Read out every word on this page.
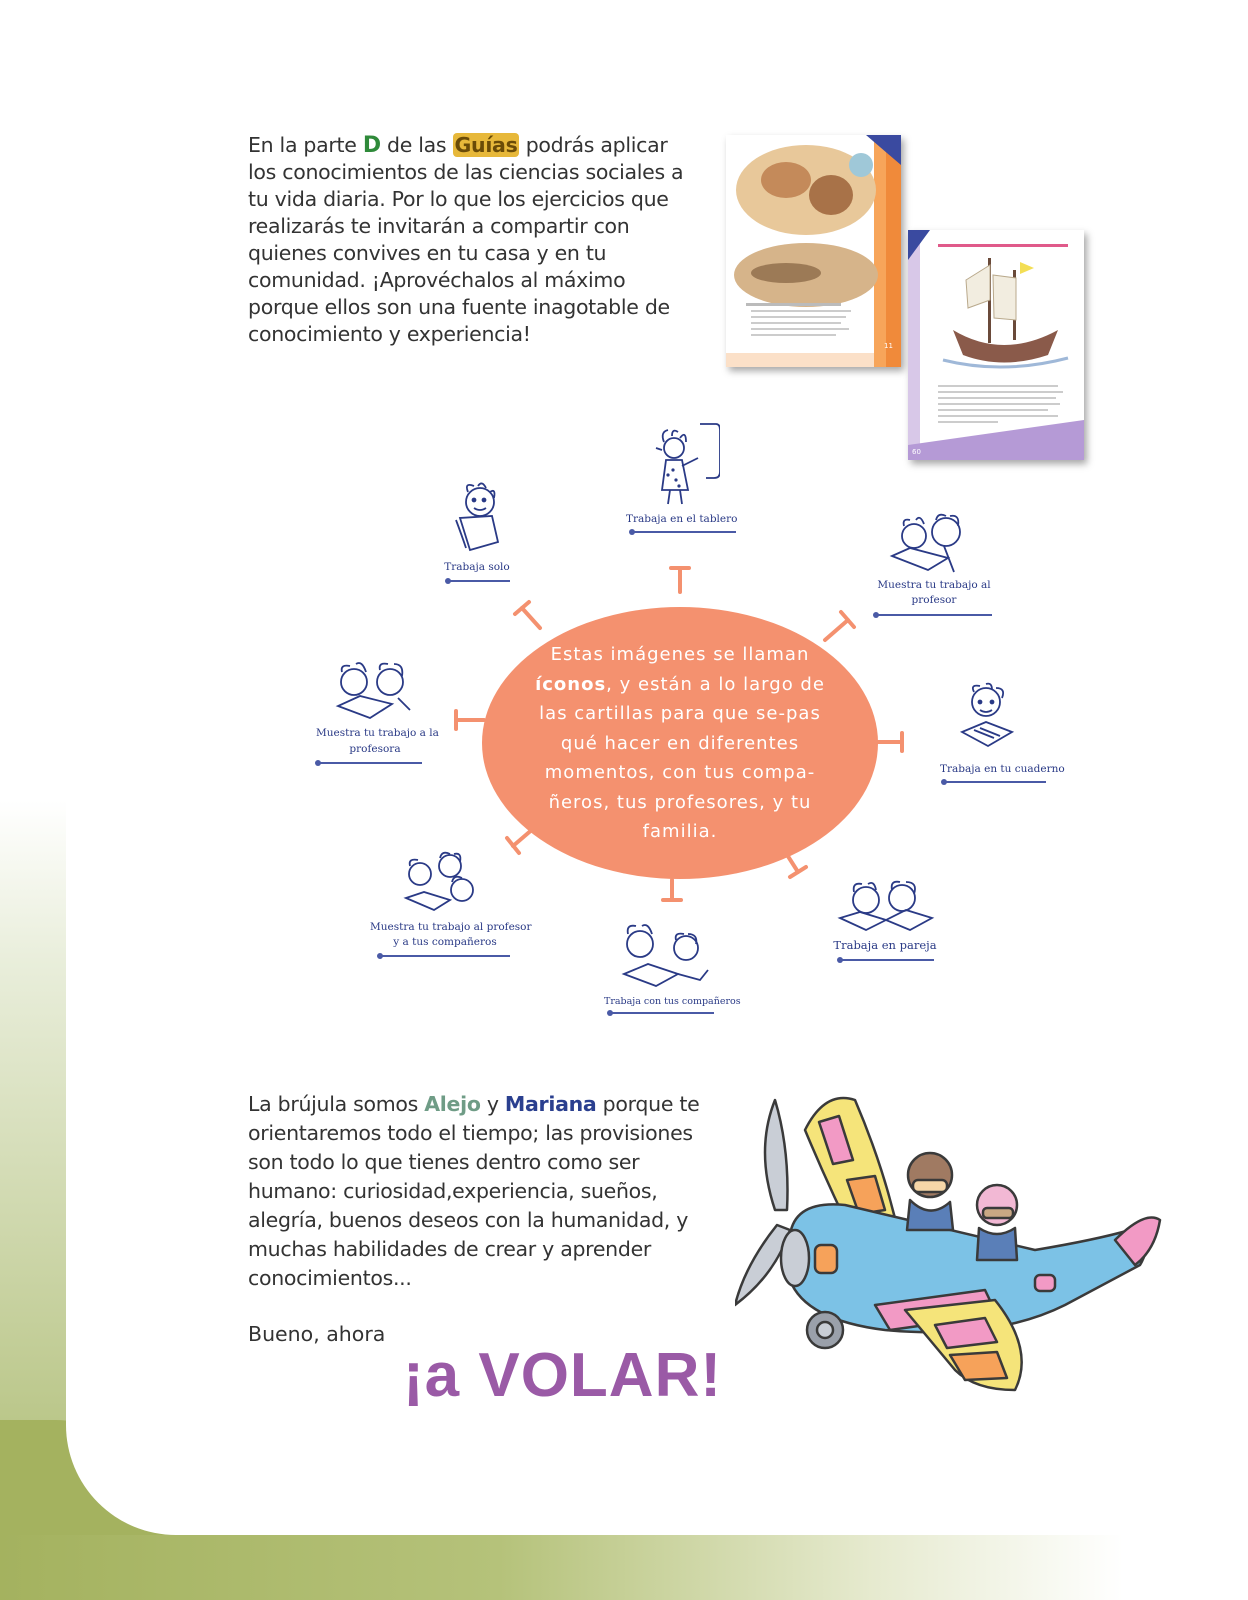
En la parte D de las Guías podrás aplicar los conocimientos de las ciencias sociales a tu vida diaria. Por lo que los ejercicios que realizarás te invitarán a compartir con quienes convives en tu casa y en tu comunidad. ¡Aprovéchalos al máximo porque ellos son una fuente inagotable de conocimiento y experiencia!	11
60

Estas imágenes se llaman
íconos, y están a lo largo de las cartillas para que se-pas qué hacer en diferentes momentos, con tus compa-ñeros, tus profesores, y tu familia.

Trabaja en el tablero
Trabaja solo
Muestra tu trabajo al
profesor
Muestra tu trabajo a la
profesora
Trabaja en tu cuaderno
Muestra tu trabajo al profesor
y a tus compañeros	Trabaja en pareja
Trabaja con tus compañeros

La brújula somos Alejo y Mariana porque te orientaremos todo el tiempo; las provisiones son todo lo que tienes dentro como ser humano: curiosidad,experiencia, sueños, alegría, buenos deseos con la humanidad, y muchas habilidades de crear y aprender conocimientos...

Bueno, ahora
¡a VOLAR!
